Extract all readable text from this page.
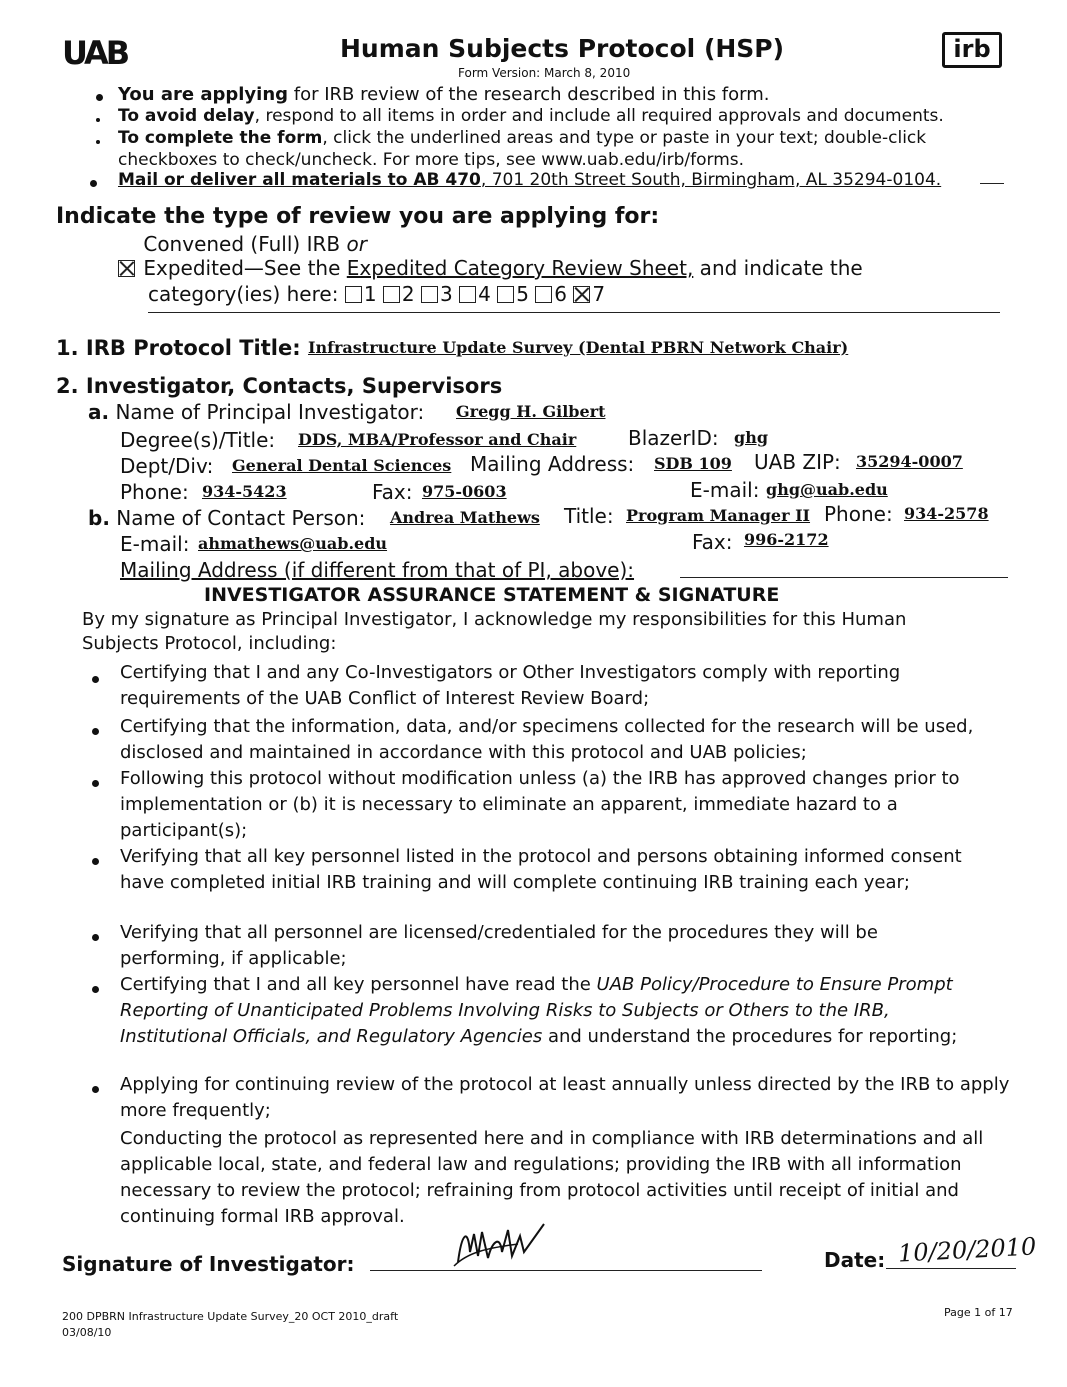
UAB	Human Subjects Protocol (HSP)
Form Version: March 8, 2010
irb
You are applying for IRB review of the research described in this form.
To avoid delay, respond to all items in order and include all required approvals and documents.
To complete the form, click the underlined areas and type or paste in your text; double-click
checkboxes to check/uncheck. For more tips, see www.uab.edu/irb/forms.
Mail or deliver all materials to AB 470, 701 20th Street South, Birmingham, AL 35294-0104.
Indicate the type of review you are applying for:
Convened (Full) IRB or
Expedited—See the Expedited Category Review Sheet, and indicate the
category(ies) here: 1 2 3 4 5 6 7
1. IRB Protocol Title: Infrastructure Update Survey (Dental PBRN Network Chair)
2. Investigator, Contacts, Supervisors
a. Name of Principal Investigator: Gregg H. Gilbert
Degree(s)/Title: DDS, MBA/Professor and Chair	BlazerID: ghg
Dept/Div: General Dental Sciences Mailing Address: SDB 109 UAB ZIP: 35294-0007
Phone: 934-5423	Fax: 975-0603	E-mail: ghg@uab.edu
b. Name of Contact Person: Andrea Mathews Title: Program Manager II Phone: 934-2578
E-mail: ahmathews@uab.edu	Fax: 996-2172
Mailing Address (if different from that of PI, above):
INVESTIGATOR ASSURANCE STATEMENT & SIGNATURE
By my signature as Principal Investigator, I acknowledge my responsibilities for this Human Subjects Protocol, including:
Certifying that I and any Co-Investigators or Other Investigators comply with reporting requirements of the UAB Conflict of Interest Review Board;
Certifying that the information, data, and/or specimens collected for the research will be used, disclosed and maintained in accordance with this protocol and UAB policies;
Following this protocol without modification unless (a) the IRB has approved changes prior to implementation or (b) it is necessary to eliminate an apparent, immediate hazard to a participant(s);
Verifying that all key personnel listed in the protocol and persons obtaining informed consent have completed initial IRB training and will complete continuing IRB training each year;
Verifying that all personnel are licensed/credentialed for the procedures they will be performing, if applicable;
Certifying that I and all key personnel have read the UAB Policy/Procedure to Ensure Prompt Reporting of Unanticipated Problems Involving Risks to Subjects or Others to the IRB, Institutional Officials, and Regulatory Agencies and understand the procedures for reporting;
Applying for continuing review of the protocol at least annually unless directed by the IRB to apply more frequently;
Conducting the protocol as represented here and in compliance with IRB determinations and all applicable local, state, and federal law and regulations; providing the IRB with all information necessary to review the protocol; refraining from protocol activities until receipt of initial and continuing formal IRB approval.
Signature of Investigator:	Date: 10/20/2010
200 DPBRN Infrastructure Update Survey_20 OCT 2010_draft
03/08/10
Page 1 of 17
